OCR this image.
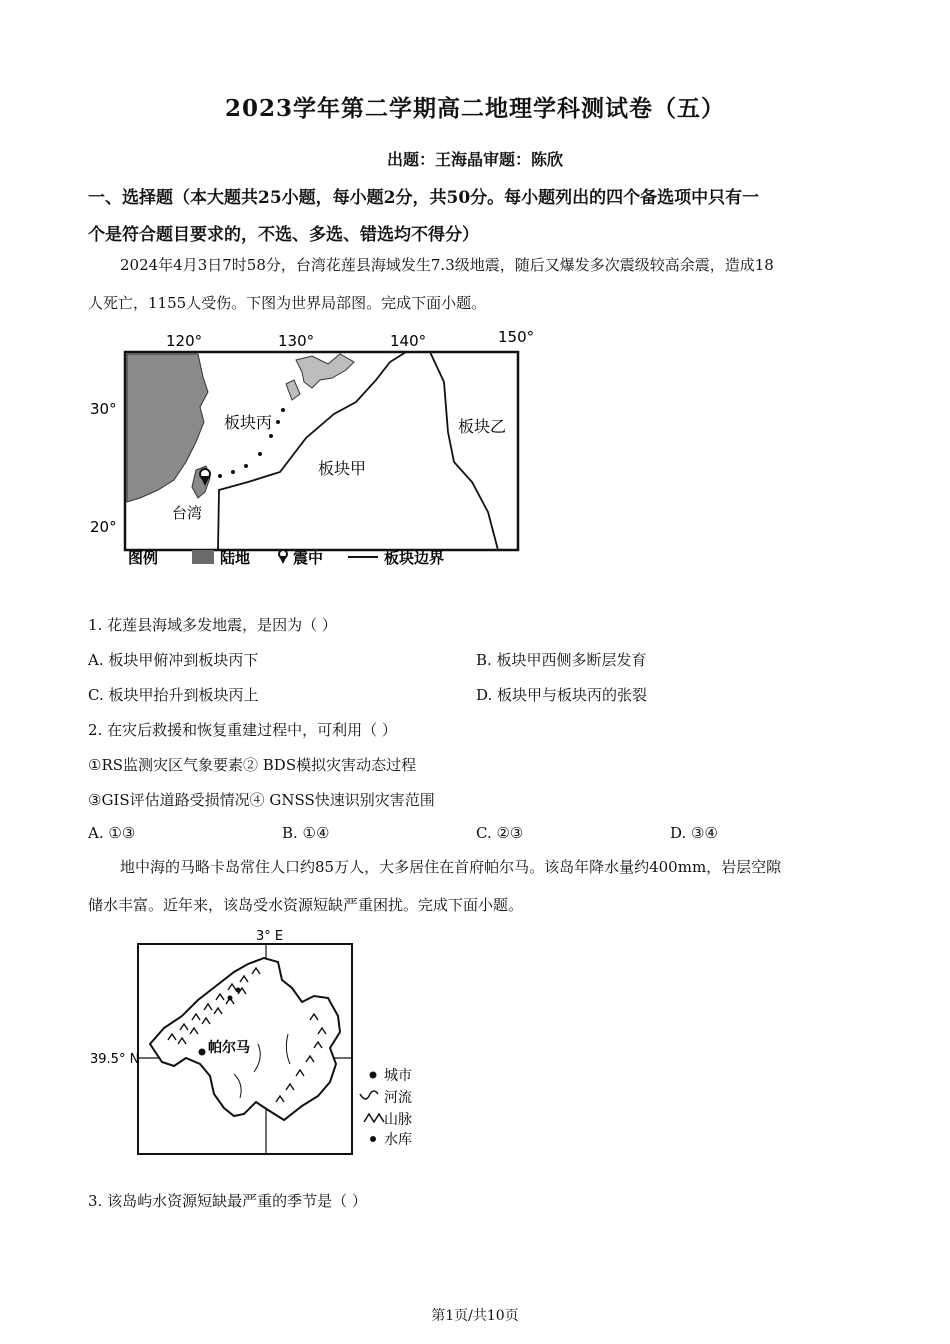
2023学年第二学期高二地理学科测试卷（五）
出题：王海晶审题：陈欣
一、选择题（本大题共25小题，每小题2分，共50分。每小题列出的四个备选项中只有一
个是符合题目要求的，不选、多选、错选均不得分）
2024年4月3日7时58分，台湾花莲县海域发生7.3级地震，随后又爆发多次震级较高余震，造成18
人死亡，1155人受伤。下图为世界局部图。完成下面小题。
120°	130°	140°	150°
30°
20°
板块丙
板块甲
板块乙
台湾
图例	陆地	震中	板块边界
1. 花莲县海域多发地震，是因为（ ）
A. 板块甲俯冲到板块丙下	B. 板块甲西侧多断层发育
C. 板块甲抬升到板块丙上	D. 板块甲与板块丙的张裂
2. 在灾后救援和恢复重建过程中，可利用（ ）
①RS监测灾区气象要素② BDS模拟灾害动态过程
③GIS评估道路受损情况④ GNSS快速识别灾害范围
A. ①③	B. ①④	C. ②③	D. ③④
地中海的马略卡岛常住人口约85万人，大多居住在首府帕尔马。该岛年降水量约400mm，岩层空隙
储水丰富。近年来，该岛受水资源短缺严重困扰。完成下面小题。
帕尔马
3° E
39.5° N
城市
河流
山脉
水库
3. 该岛屿水资源短缺最严重的季节是（ ）
第1页/共10页
